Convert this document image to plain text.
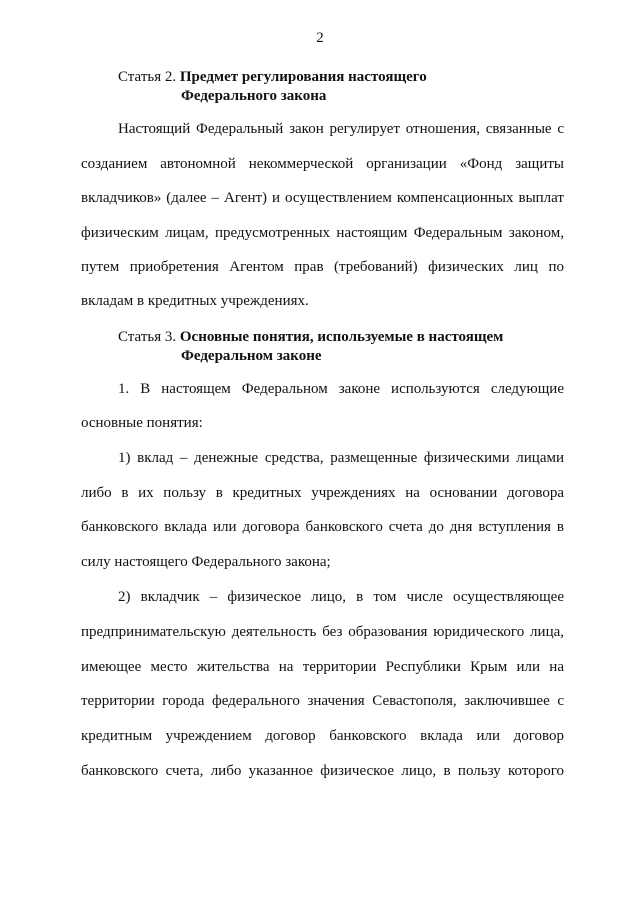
2
Статья 2. Предмет регулирования настоящего
Федерального закона
Настоящий Федеральный закон регулирует отношения, связанные с
созданием автономной некоммерческой организации «Фонд защиты
вкладчиков» (далее – Агент) и осуществлением компенсационных выплат
физическим лицам, предусмотренных настоящим Федеральным законом,
путем приобретения Агентом прав (требований) физических лиц по
вкладам в кредитных учреждениях.
Статья 3. Основные понятия, используемые в настоящем
Федеральном законе
1. В настоящем Федеральном законе используются следующие
основные понятия:
1) вклад – денежные средства, размещенные физическими лицами
либо в их пользу в кредитных учреждениях на основании договора
банковского вклада или договора банковского счета до дня вступления в
силу настоящего Федерального закона;
2) вкладчик – физическое лицо, в том числе осуществляющее
предпринимательскую деятельность без образования юридического лица,
имеющее место жительства на территории Республики Крым или на
территории города федерального значения Севастополя, заключившее с
кредитным учреждением договор банковского вклада или договор
банковского счета, либо указанное физическое лицо, в пользу которого
